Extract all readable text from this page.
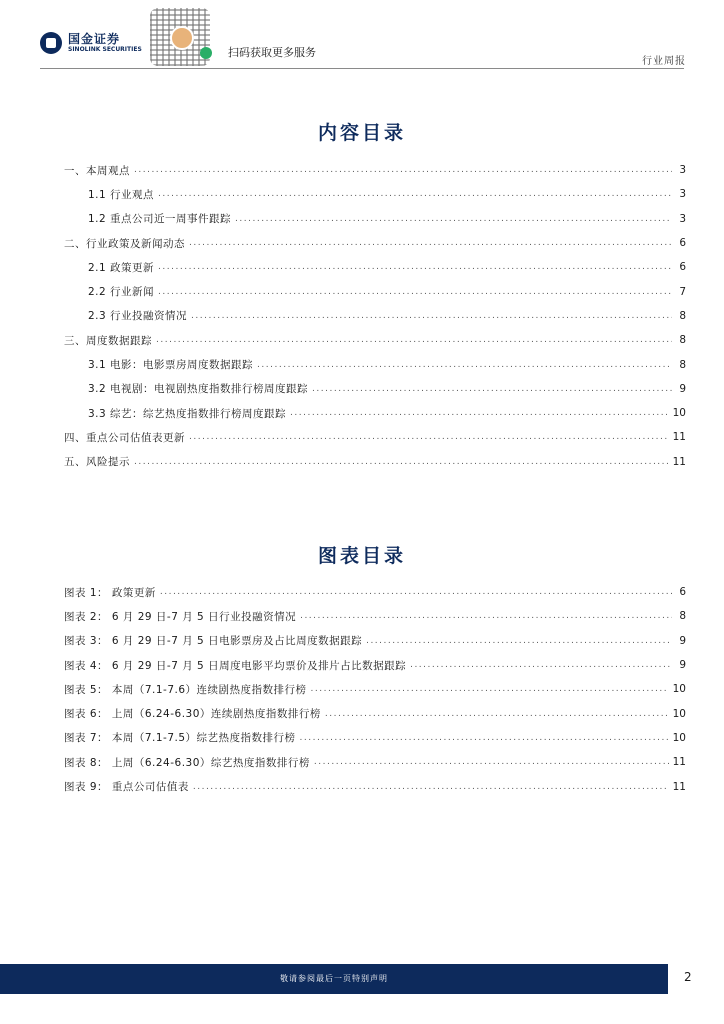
国金证券
SINOLINK SECURITIES	扫码获取更多服务
行业周报
内容目录
一、本周观点 .....	3
1.1 行业观点 .....	3
1.2 重点公司近一周事件跟踪 .....	3
二、行业政策及新闻动态 .....	6
2.1 政策更新 .....	6
2.2 行业新闻 .....	7
2.3 行业投融资情况 .....	8
三、周度数据跟踪 .....	8
3.1 电影：电影票房周度数据跟踪 .....	8
3.2 电视剧：电视剧热度指数排行榜周度跟踪 .....	9
3.3 综艺：综艺热度指数排行榜周度跟踪 .....	10
四、重点公司估值表更新 .....	11
五、风险提示 .....	11
图表目录
图表 1： 政策更新 .....	6
图表 2： 6 月 29 日-7 月 5 日行业投融资情况 .....	8
图表 3： 6 月 29 日-7 月 5 日电影票房及占比周度数据跟踪 .....	9
图表 4： 6 月 29 日-7 月 5 日周度电影平均票价及排片占比数据跟踪 .....	9
图表 5： 本周（7.1-7.6）连续剧热度指数排行榜 .....	10
图表 6： 上周（6.24-6.30）连续剧热度指数排行榜 .....	10
图表 7： 本周（7.1-7.5）综艺热度指数排行榜 .....	10
图表 8： 上周（6.24-6.30）综艺热度指数排行榜 .....	11
图表 9： 重点公司估值表 .....	11
敬请参阅最后一页特别声明	2
